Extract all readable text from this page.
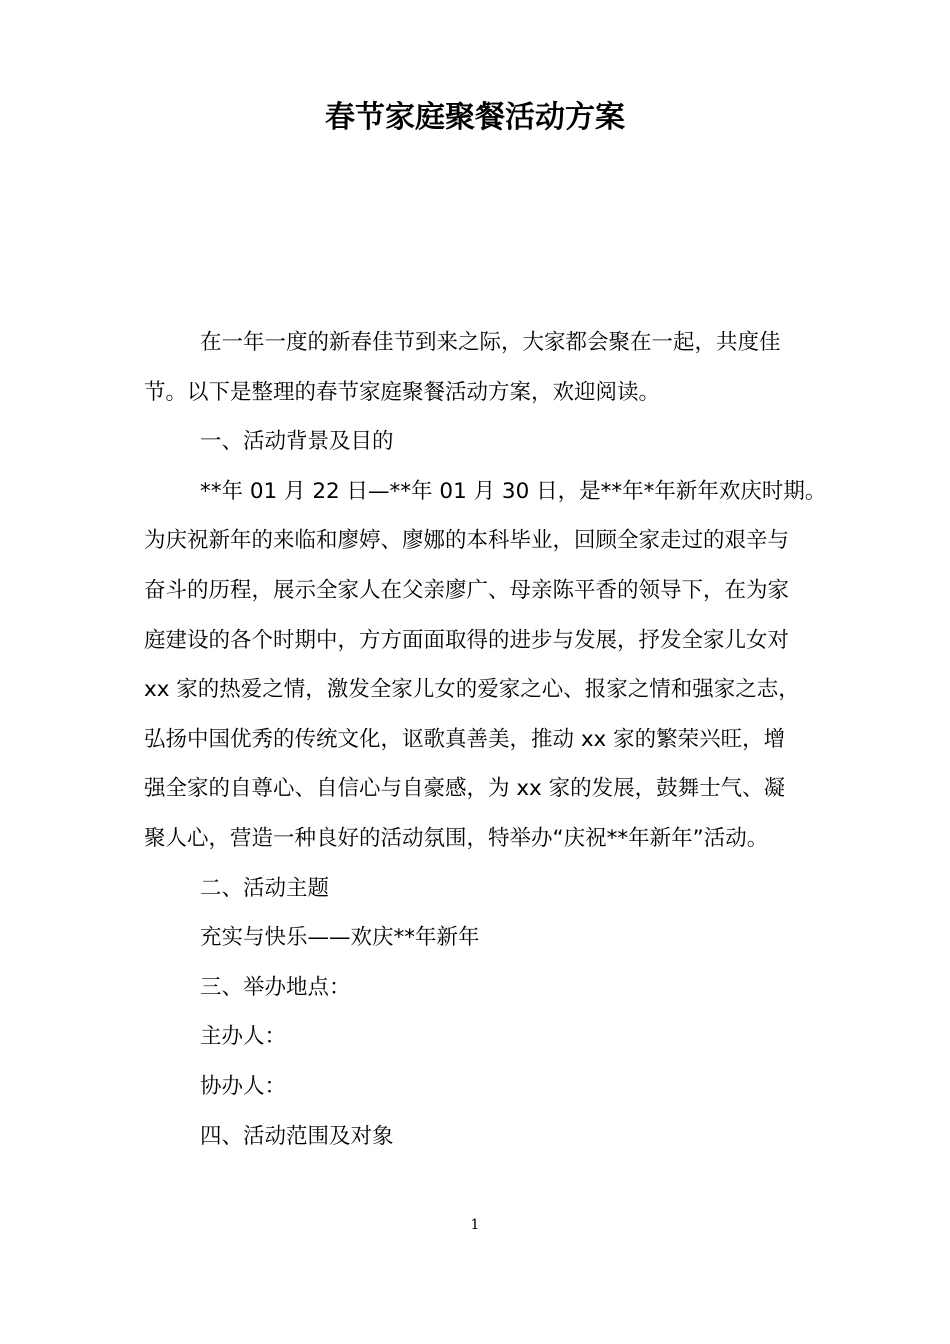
春节家庭聚餐活动方案

在一年一度的新春佳节到来之际，大家都会聚在一起，共度佳

节。以下是整理的春节家庭聚餐活动方案，欢迎阅读。

一、活动背景及目的

**年 01 月 22 日—**年 01 月 30 日，是**年*年新年欢庆时期。

为庆祝新年的来临和廖婷、廖娜的本科毕业，回顾全家走过的艰辛与

奋斗的历程，展示全家人在父亲廖广、母亲陈平香的领导下，在为家

庭建设的各个时期中，方方面面取得的进步与发展，抒发全家儿女对

xx 家的热爱之情，激发全家儿女的爱家之心、报家之情和强家之志，

弘扬中国优秀的传统文化，讴歌真善美，推动 xx 家的繁荣兴旺，增

强全家的自尊心、自信心与自豪感，为 xx 家的发展，鼓舞士气、凝

聚人心，营造一种良好的活动氛围，特举办“庆祝**年新年”活动。

二、活动主题

充实与快乐——欢庆**年新年

三、举办地点：

主办人：

协办人：

四、活动范围及对象

1
